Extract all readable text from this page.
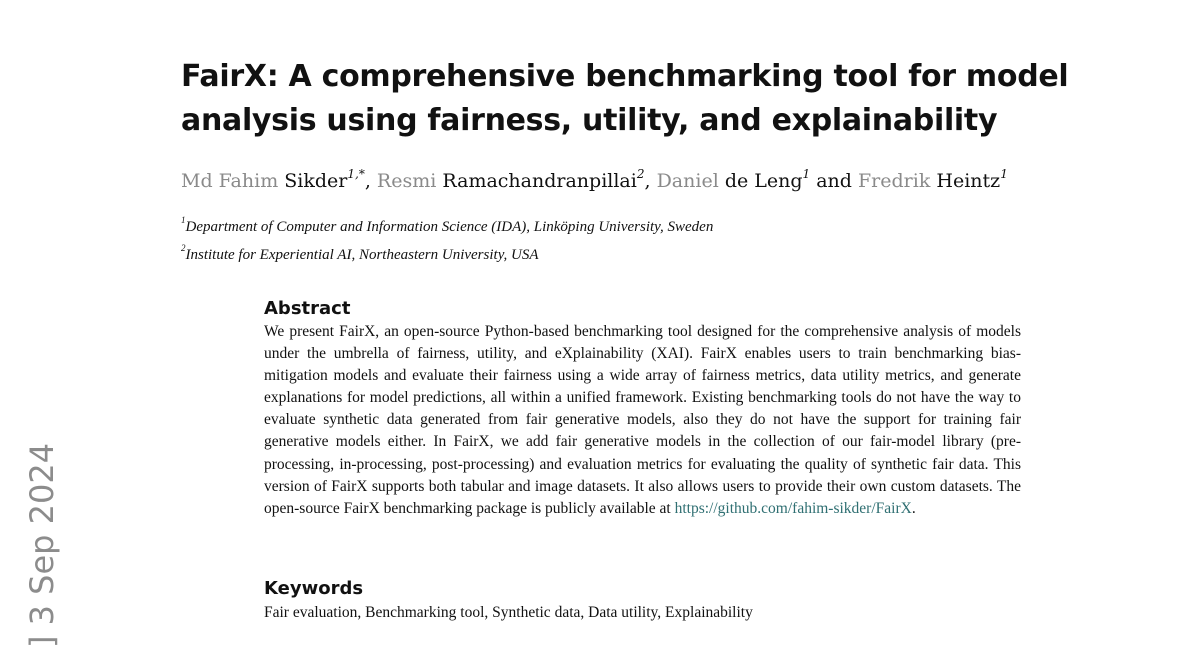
FairX: A comprehensive benchmarking tool for model analysis using fairness, utility, and explainability
Md Fahim Sikder$^{1,*}$, Resmi Ramachandranpillai$^2$, Daniel de Leng$^1$ and Fredrik Heintz$^1$
$^1$Department of Computer and Information Science (IDA), Linköping University, Sweden
$^2$Institute for Experiential AI, Northeastern University, USA
Abstract

We present FairX, an open-source Python-based benchmarking tool designed for the comprehensive analysis of models under the umbrella of fairness, utility, and eXplainability (XAI). FairX enables users to train benchmarking bias-mitigation models and evaluate their fairness using a wide array of fairness metrics, data utility metrics, and generate explanations for model predictions, all within a unified framework. Existing benchmarking tools do not have the way to evaluate synthetic data generated from fair generative models, also they do not have the support for training fair generative models either. In FairX, we add fair generative models in the collection of our fair-model library (pre-processing, in-processing, post-processing) and evaluation metrics for evaluating the quality of synthetic fair data. This version of FairX supports both tabular and image datasets. It also allows users to provide their own custom datasets. The open-source FairX benchmarking package is publicly available at https://github.com/fahim-sikder/FairX.

Keywords
Fair evaluation, Benchmarking tool, Synthetic data, Data utility, Explainability
] 3 Sep 2024
